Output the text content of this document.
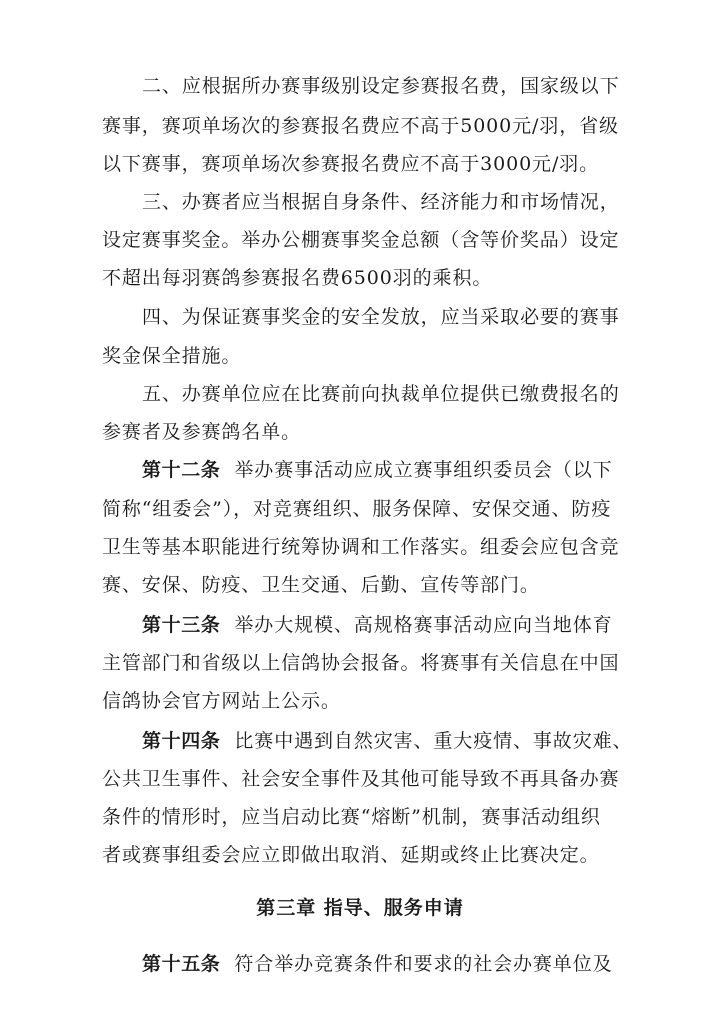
二、应根据所办赛事级别设定参赛报名费，国家级以下
赛事，赛项单场次的参赛报名费应不高于5000元/羽，省级
以下赛事，赛项单场次参赛报名费应不高于3000元/羽。
三、办赛者应当根据自身条件、经济能力和市场情况，
设定赛事奖金。举办公棚赛事奖金总额（含等价奖品）设定
不超出每羽赛鸽参赛报名费6500羽的乘积。
四、为保证赛事奖金的安全发放，应当采取必要的赛事
奖金保全措施。
五、办赛单位应在比赛前向执裁单位提供已缴费报名的
参赛者及参赛鸽名单。
第十二条 举办赛事活动应成立赛事组织委员会（以下
简称“组委会”），对竞赛组织、服务保障、安保交通、防疫
卫生等基本职能进行统筹协调和工作落实。组委会应包含竞
赛、安保、防疫、卫生交通、后勤、宣传等部门。
第十三条 举办大规模、高规格赛事活动应向当地体育
主管部门和省级以上信鸽协会报备。将赛事有关信息在中国
信鸽协会官方网站上公示。
第十四条 比赛中遇到自然灾害、重大疫情、事故灾难、
公共卫生事件、社会安全事件及其他可能导致不再具备办赛
条件的情形时，应当启动比赛“熔断”机制，赛事活动组织
者或赛事组委会应立即做出取消、延期或终止比赛决定。
第三章 指导、服务申请
第十五条 符合举办竞赛条件和要求的社会办赛单位及
